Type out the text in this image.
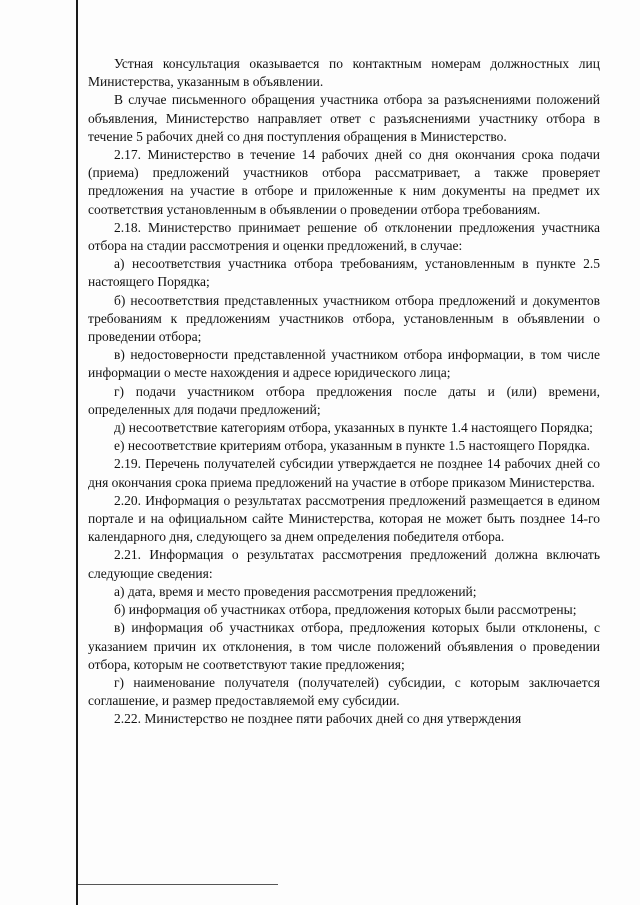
Устная консультация оказывается по контактным номерам должностных лиц Министерства, указанным в объявлении.

В случае письменного обращения участника отбора за разъяснениями положений объявления, Министерство направляет ответ с разъяснениями участнику отбора в течение 5 рабочих дней со дня поступления обращения в Министерство.

2.17. Министерство в течение 14 рабочих дней со дня окончания срока подачи (приема) предложений участников отбора рассматривает, а также проверяет предложения на участие в отборе и приложенные к ним документы на предмет их соответствия установленным в объявлении о проведении отбора требованиям.

2.18. Министерство принимает решение об отклонении предложения участника отбора на стадии рассмотрения и оценки предложений, в случае:

а) несоответствия участника отбора требованиям, установленным в пункте 2.5 настоящего Порядка;

б) несоответствия представленных участником отбора предложений и документов требованиям к предложениям участников отбора, установленным в объявлении о проведении отбора;

в) недостоверности представленной участником отбора информации, в том числе информации о месте нахождения и адресе юридического лица;

г) подачи участником отбора предложения после даты и (или) времени, определенных для подачи предложений;

д) несоответствие категориям отбора, указанных в пункте 1.4 настоящего Порядка;

е) несоответствие критериям отбора, указанным в пункте 1.5 настоящего Порядка.

2.19. Перечень получателей субсидии утверждается не позднее 14 рабочих дней со дня окончания срока приема предложений на участие в отборе приказом Министерства.

2.20. Информация о результатах рассмотрения предложений размещается в едином портале и на официальном сайте Министерства, которая не может быть позднее 14-го календарного дня, следующего за днем определения победителя отбора.

2.21. Информация о результатах рассмотрения предложений должна включать следующие сведения:

а) дата, время и место проведения рассмотрения предложений;

б) информация об участниках отбора, предложения которых были рассмотрены;

в) информация об участниках отбора, предложения которых были отклонены, с указанием причин их отклонения, в том числе положений объявления о проведении отбора, которым не соответствуют такие предложения;

г) наименование получателя (получателей) субсидии, с которым заключается соглашение, и размер предоставляемой ему субсидии.

2.22. Министерство не позднее пяти рабочих дней со дня утверждения
